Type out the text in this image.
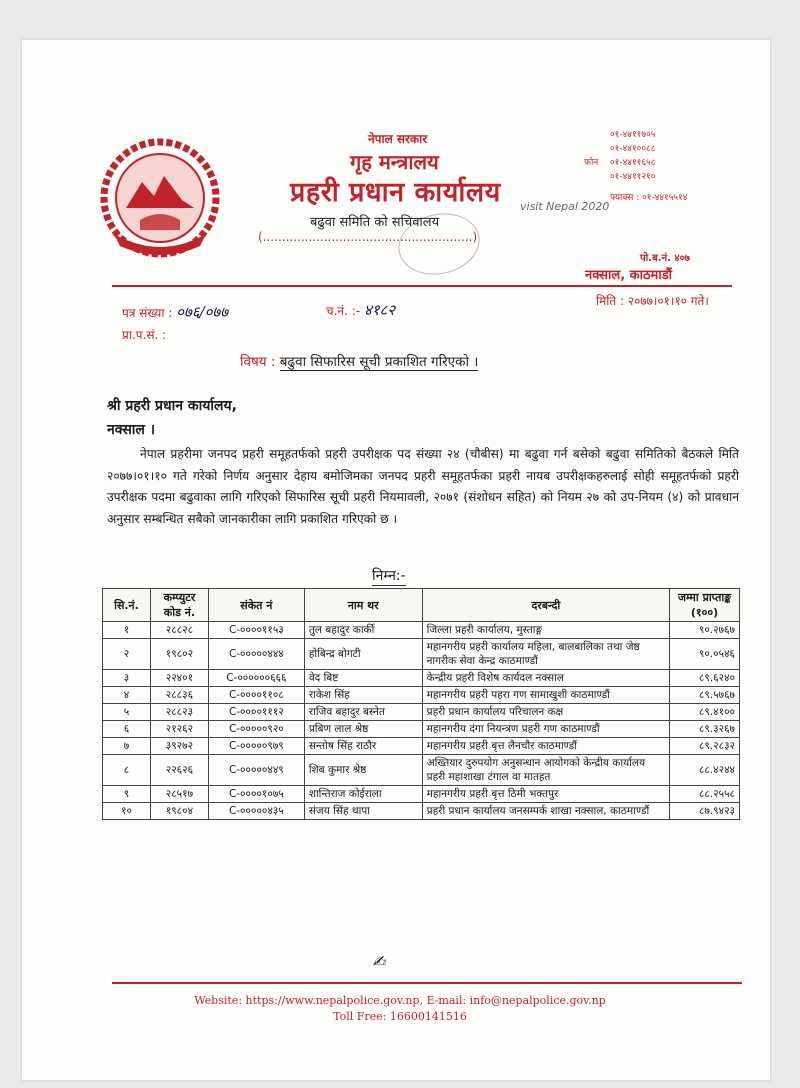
नेपाल सरकार
गृह मन्त्रालय
प्रहरी प्रधान कार्यालय
बढुवा समिति को सचिवालय
(.......................................................)
visit Nepal 2020
फोन
०१-४४११७०५
०१-४४१००८८
०१-४४११६५८
०१-४४११२१०
फ्याक्स : ०१-४४१५५१४
पो.ब.नं. ४०७
नक्साल, काठमाडौं
पत्र संख्या : ०७६/०७७	च.नं. :- ४१८२	मिति : २०७७।०१।१० गते।
प्रा.प.सं. :
विषय : बढुवा सिफारिस सूची प्रकाशित गरिएको ।
श्री प्रहरी प्रधान कार्यालय,
नक्साल ।

नेपाल प्रहरीमा जनपद प्रहरी समूहतर्फको प्रहरी उपरीक्षक पद संख्या २४ (चौबीस) मा बढुवा गर्न बसेको बढुवा समितिको बैठकले मिति २०७७।०१।१० गते गरेको निर्णय अनुसार देहाय बमोजिमका जनपद प्रहरी समूहतर्फका प्रहरी नायब उपरीक्षकहरुलाई सोही समूहतर्फको प्रहरी उपरीक्षक पदमा बढुवाका लागि गरिएको सिफारिस सूची प्रहरी नियमावली, २०७१ (संशोधन सहित) को नियम २७ को उप-नियम (४) को प्रावधान अनुसार सम्बन्धित सबैको जानकारीका लागि प्रकाशित गरिएको छ ।

निम्न:-
सि.नं.	कम्प्युटर कोड नं.	संकेत नं	नाम थर	दरबन्दी	जम्मा प्राप्ताङ्क (१००)
१	२८८२८	C-००००११५३	तुल बहादुर कार्की	जिल्ला प्रहरी कार्यालय, मुस्ताङ्ग	९०.२७६७
२	१९८०२	C-०००००४४४	होबिन्द्र बोगटी	महानगरीय प्रहरी कार्यालय महिला, बालबालिका तथा जेष्ठ नागरीक सेवा केन्द्र काठमाण्डौं	९०.०५४६
३	२२४०१	C-००००००६६६	वेद बिष्ट	केन्द्रीय प्रहरी विशेष कार्यदल नक्साल	८९.६२४०
४	२८८३६	C-००००११०८	राकेश सिंह	महानगरीय प्रहरी पहरा गण सामाखुशी काठमाण्डौं	८९.५७६७
५	२८८२३	C-००००१११२	राजिव बहादुर बस्नेत	प्रहरी प्रधान कार्यालय परिचालन कक्ष	८९.४१००
६	२१२६२	C-०००००९२०	प्रबिण लाल श्रेष्ठ	महानगरीय दंगा नियन्त्रण प्रहरी गण काठमाण्डौं	८९.३२६७
७	३९२७२	C-०००००९७९	सन्तोष सिंह राठौर	महानगरीय प्रहरी बृत्त लैनचौर काठमाण्डौं	८९.२८३२
८	२२६२६	C-०००००४४९	शिब कुमार श्रेष्ठ	अख्तियार दुरुपयोग अनुसन्धान आयोगको केन्द्रीय कार्यालय प्रहरी महाशाखा टंगाल वा मातहत	८८.४२४४
९	२८५१७	C-००००१०७५	शान्तिराज कोईराला	महानगरीय प्रहरी बृत्त ठिमी भक्तपुर	८८.२५५८
१०	१९८०४	C-०००००४३५	संजय सिंह थापा	प्रहरी प्रधान कार्यालय जनसम्पर्क शाखा नक्साल, काठमाण्डौं	८७.९४२३
✍︎
Website: https://www.nepalpolice.gov.np, E-mail: info@nepalpolice.gov.np
Toll Free: 16600141516
